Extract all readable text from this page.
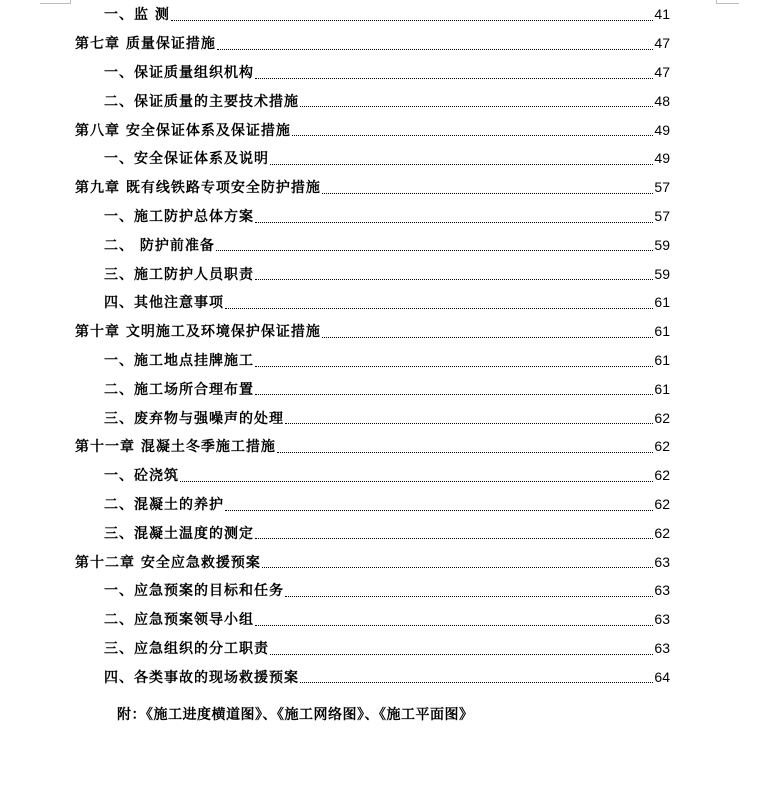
一、监 测	41
第七章 质量保证措施	47
一、保证质量组织机构	47
二、保证质量的主要技术措施	48
第八章 安全保证体系及保证措施	49
一、安全保证体系及说明	49
第九章 既有线铁路专项安全防护措施	57
一、施工防护总体方案	57
二、 防护前准备	59
三、施工防护人员职责	59
四、其他注意事项	61
第十章 文明施工及环境保护保证措施	61
一、施工地点挂牌施工	61
二、施工场所合理布置	61
三、废弃物与强噪声的处理	62
第十一章 混凝土冬季施工措施	62
一、砼浇筑	62
二、混凝土的养护	62
三、混凝土温度的测定	62
第十二章 安全应急救援预案	63
一、应急预案的目标和任务	63
二、应急预案领导小组	63
三、应急组织的分工职责	63
四、各类事故的现场救援预案	64
附：《施工进度横道图》、《施工网络图》、《施工平面图》
